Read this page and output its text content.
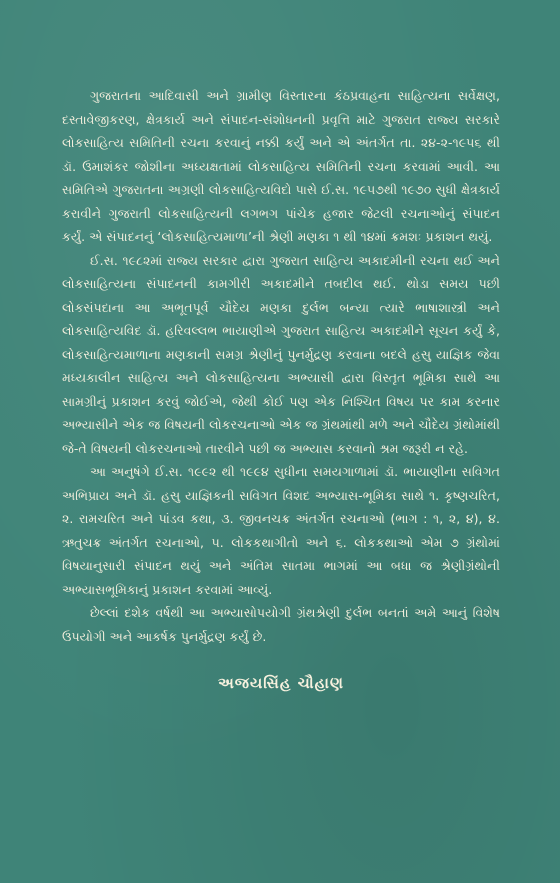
ગુજરાતના આદિવાસી અને ગ્રામીણ વિસ્તારના કંઠપ્રવાહના સાહિત્યના સર્વેક્ષણ, દસ્તાવેજીકરણ, ક્ષેત્રકાર્ય અને સંપાદન-સંશોધનની પ્રવૃત્તિ માટે ગુજરાત રાજ્ય સરકારે લોકસાહિત્ય સમિતિની રચના કરવાનું નક્કી કર્યું અને એ અંતર્ગત તા. ૨૪-૨-૧૯૫૬ થી ડૉ. ઉમાશંકર જોશીના અધ્યક્ષતામાં લોકસાહિત્ય સમિતિની રચના કરવામાં આવી. આ સમિતિએ ગુજરાતના અગ્રણી લોકસાહિત્યવિદો પાસે ઈ.સ. ૧૯૫૭થી ૧૯૭૦ સુધી ક્ષેત્રકાર્ય કરાવીને ગુજરાતી લોકસાહિત્યની લગભગ પાંચેક હજાર જેટલી રચનાઓનું સંપાદન કર્યું. એ સંપાદનનું ‘લોકસાહિત્યમાળા’ની શ્રેણી મણકા ૧ થી ૧૪માં ક્રમશઃ પ્રકાશન થયું.

ઈ.સ. ૧૯૮૨માં રાજ્ય સરકાર દ્વારા ગુજરાત સાહિત્ય અકાદમીની રચના થઈ અને લોકસાહિત્યના સંપાદનની કામગીરી અકાદમીને તબદીલ થઈ. થોડા સમય પછી લોકસંપદાના આ અભૂતપૂર્વ ચૌદેય મણકા દુર્લભ બન્યા ત્યારે ભાષાશાસ્ત્રી અને લોકસાહિત્યવિદ ડૉ. હરિવલ્લભ ભાયાણીએ ગુજરાત સાહિત્ય અકાદમીને સૂચન કર્યું કે, લોકસાહિત્યમાળાના મણકાની સમગ્ર શ્રેણીનું પુનર્મુદ્રણ કરવાના બદલે હસુ યાજ્ઞિક જેવા મધ્યકાલીન સાહિત્ય અને લોકસાહિત્યના અભ્યાસી દ્વારા વિસ્તૃત ભૂમિકા સાથે આ સામગ્રીનું પ્રકાશન કરવું જોઈએ, જેથી કોઈ પણ એક નિશ્ચિત વિષય પર કામ કરનાર અભ્યાસીને એક જ વિષયની લોકરચનાઓ એક જ ગ્રંથમાંથી મળે અને ચૌદેય ગ્રંથોમાંથી જે-તે વિષયની લોકરચનાઓ તારવીને પછી જ અભ્યાસ કરવાનો શ્રમ જરૂરી ન રહે.

આ અનુષંગે ઈ.સ. ૧૯૯૨ થી ૧૯૯૪ સુધીના સમયગાળામાં ડૉ. ભાયાણીના સવિગત અભિપ્રાય અને ડૉ. હસુ યાજ્ઞિકની સવિગત વિશદ અભ્યાસ-ભૂમિકા સાથે ૧. કૃષ્ણચરિત, ૨. રામચરિત અને પાંડવ કથા, ૩. જીવનચક્ર અંતર્ગત રચનાઓ (ભાગ : ૧, ૨, ૪), ૪. ઋતુચક્ર અંતર્ગત રચનાઓ, ૫. લોકકથાગીતો અને ૬. લોકકથાઓ એમ ૭ ગ્રંથોમાં વિષયાનુસારી સંપાદન થયું અને અંતિમ સાતમા ભાગમાં આ બધા જ શ્રેણીગ્રંથોની અભ્યાસભૂમિકાનું પ્રકાશન કરવામાં આવ્યું.

છેલ્લાં દશેક વર્ષથી આ અભ્યાસોપયોગી ગ્રંથશ્રેણી દુર્લભ બનતાં અમે આનું વિશેષ ઉપયોગી અને આકર્ષક પુનર્મુદ્રણ કર્યું છે.

અજયસિંહ ચૌહાણ
